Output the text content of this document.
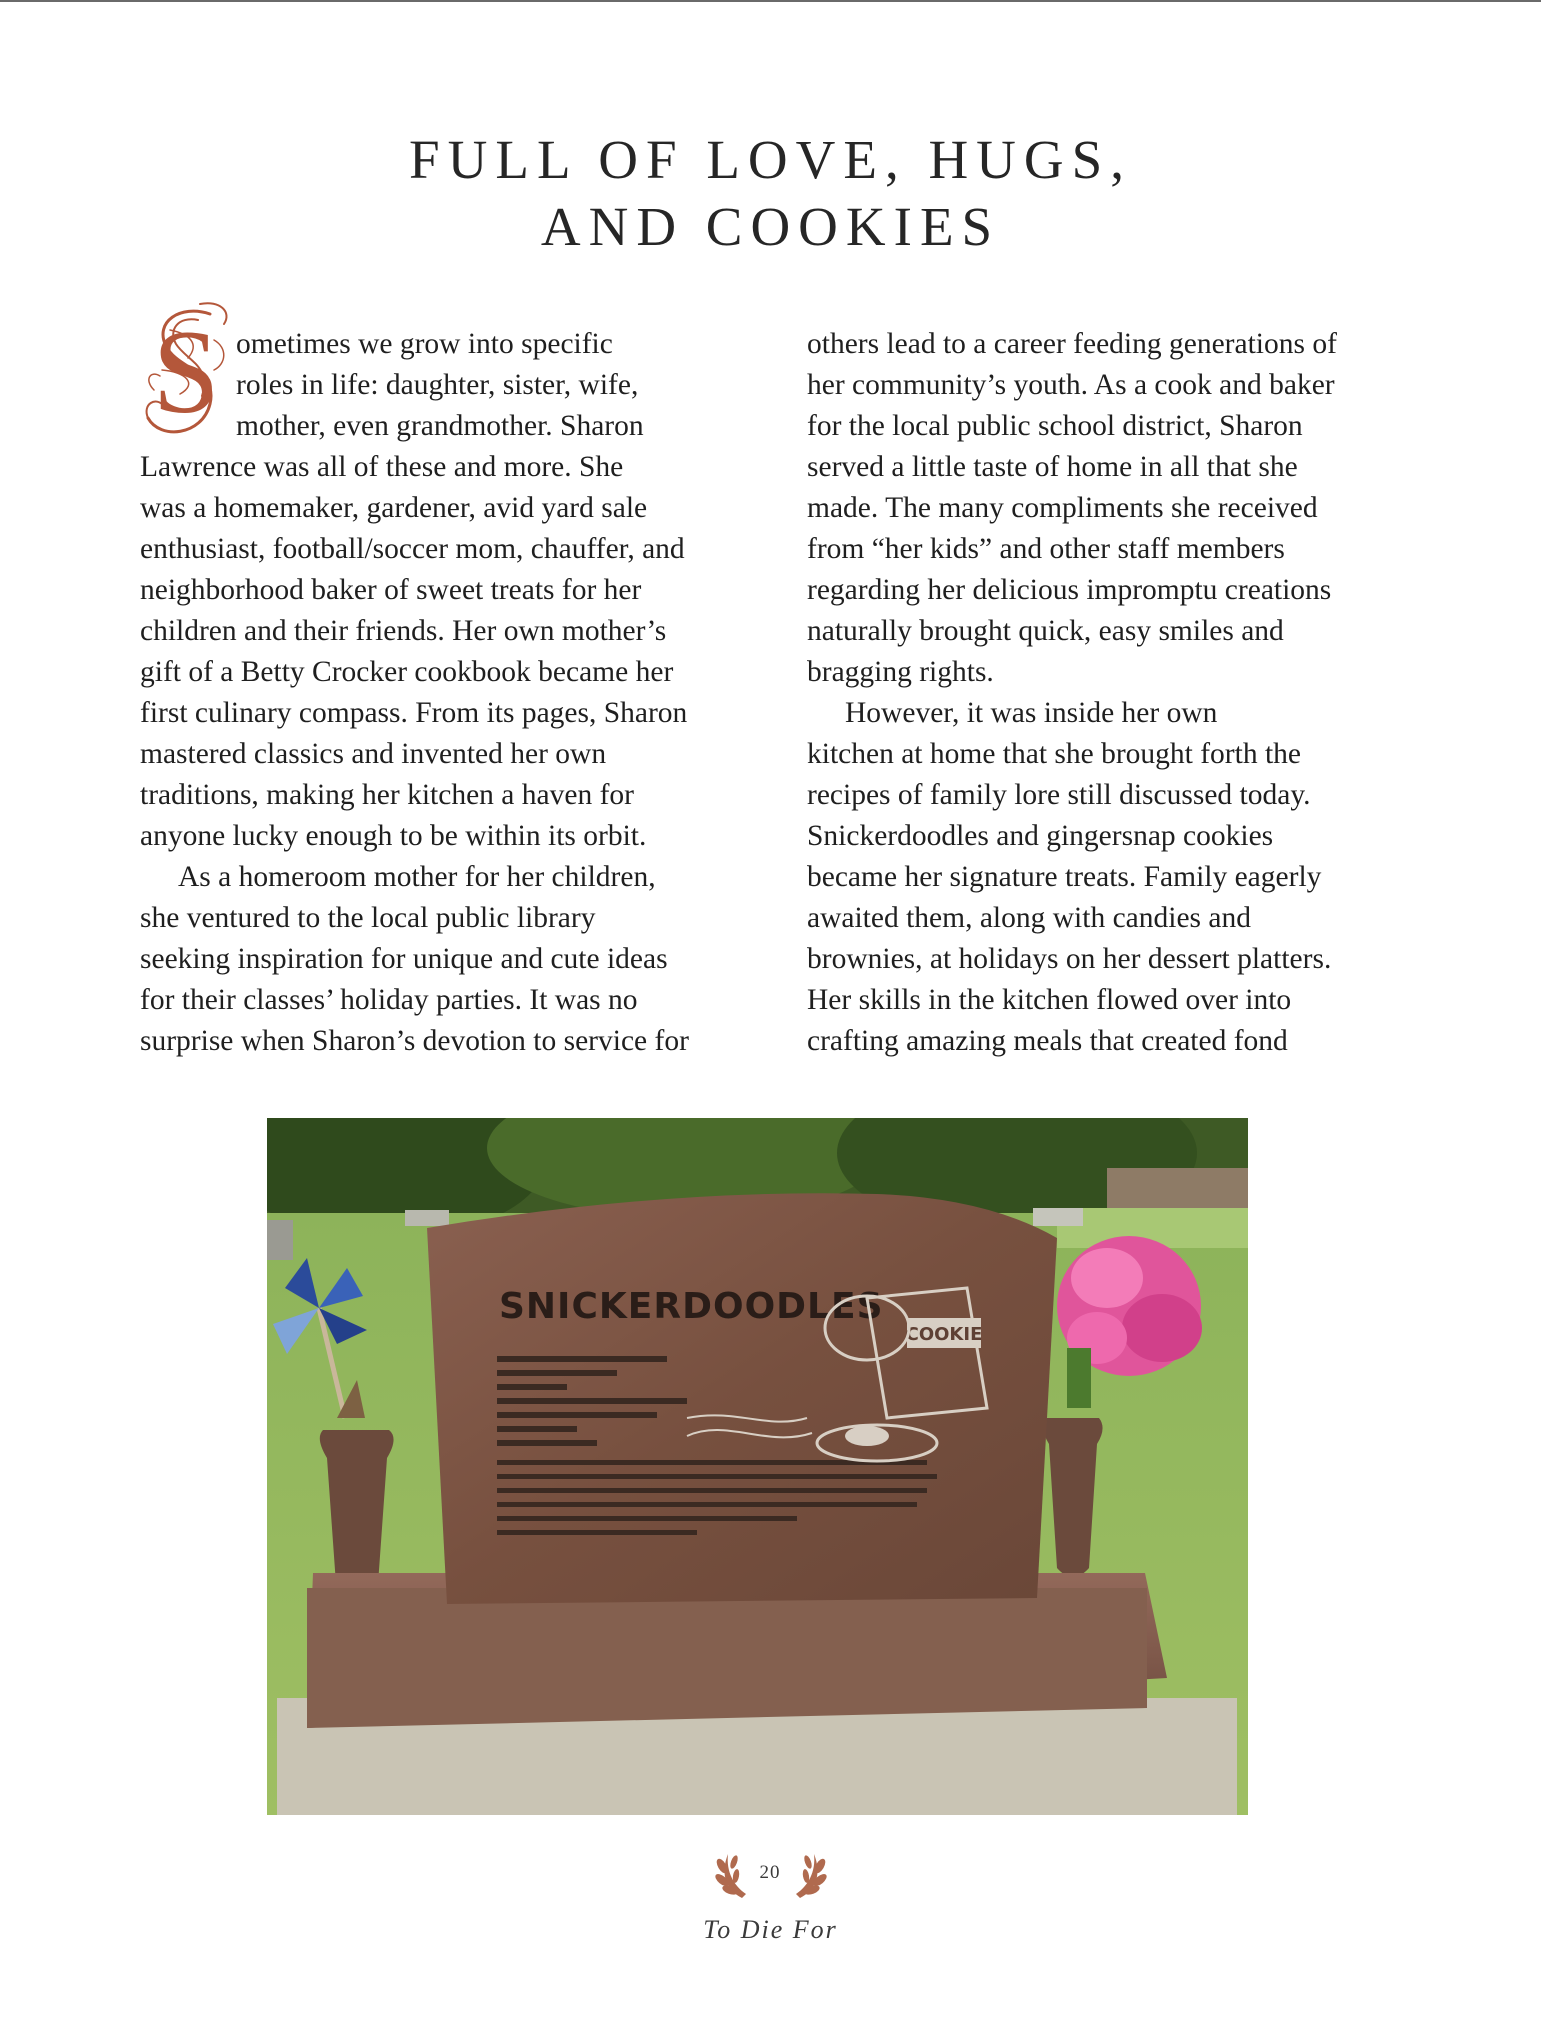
FULL OF LOVE, HUGS,
AND COOKIES
S ometimes we grow into specific
roles in life: daughter, sister, wife,
mother, even grandmother. Sharon
Lawrence was all of these and more. She
was a homemaker, gardener, avid yard sale
enthusiast, football/soccer mom, chauffer, and
neighborhood baker of sweet treats for her
children and their friends. Her own mother’s
gift of a Betty Crocker cookbook became her
first culinary compass. From its pages, Sharon
mastered classics and invented her own
traditions, making her kitchen a haven for
anyone lucky enough to be within its orbit.
As a homeroom mother for her children,
she ventured to the local public library
seeking inspiration for unique and cute ideas
for their classes’ holiday parties. It was no
surprise when Sharon’s devotion to service for
others lead to a career feeding generations of
her community’s youth. As a cook and baker
for the local public school district, Sharon
served a little taste of home in all that she
made. The many compliments she received
from “her kids” and other staff members
regarding her delicious impromptu creations
naturally brought quick, easy smiles and
bragging rights.
However, it was inside her own
kitchen at home that she brought forth the
recipes of family lore still discussed today.
Snickerdoodles and gingersnap cookies
became her signature treats. Family eagerly
awaited them, along with candies and
brownies, at holidays on her dessert platters.
Her skills in the kitchen flowed over into
crafting amazing meals that created fond
SNICKERDOODLES
COOKIE
20
To Die For
